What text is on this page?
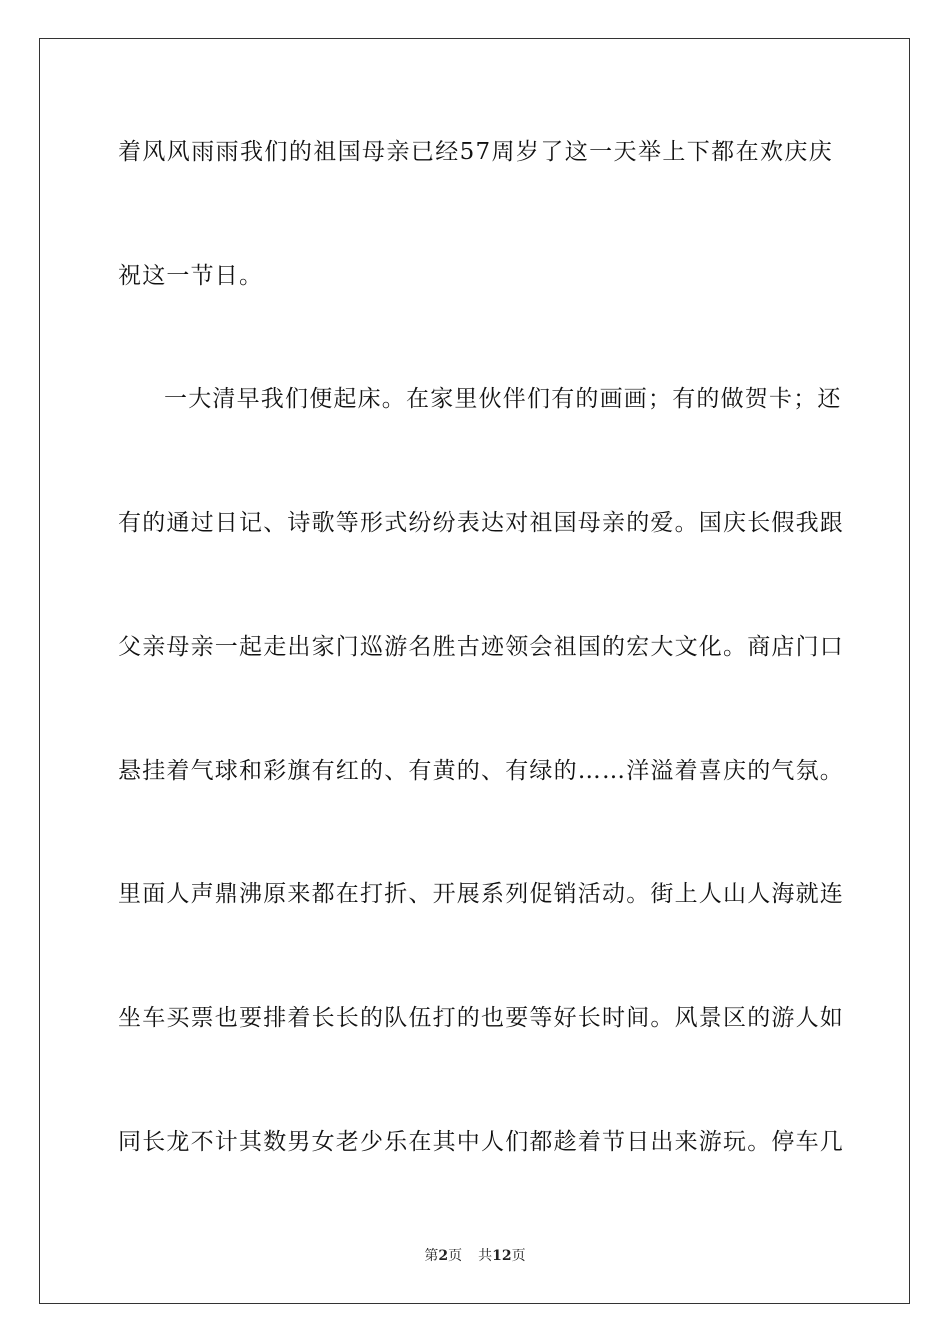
着风风雨雨我们的祖国母亲已经57周岁了这一天举上下都在欢庆庆
祝这一节日。
一大清早我们便起床。在家里伙伴们有的画画；有的做贺卡；还
有的通过日记、诗歌等形式纷纷表达对祖国母亲的爱。国庆长假我跟
父亲母亲一起走出家门巡游名胜古迹领会祖国的宏大文化。商店门口
悬挂着气球和彩旗有红的、有黄的、有绿的……洋溢着喜庆的气氛。
里面人声鼎沸原来都在打折、开展系列促销活动。街上人山人海就连
坐车买票也要排着长长的队伍打的也要等好长时间。风景区的游人如
同长龙不计其数男女老少乐在其中人们都趁着节日出来游玩。停车几
第2页 共12页
